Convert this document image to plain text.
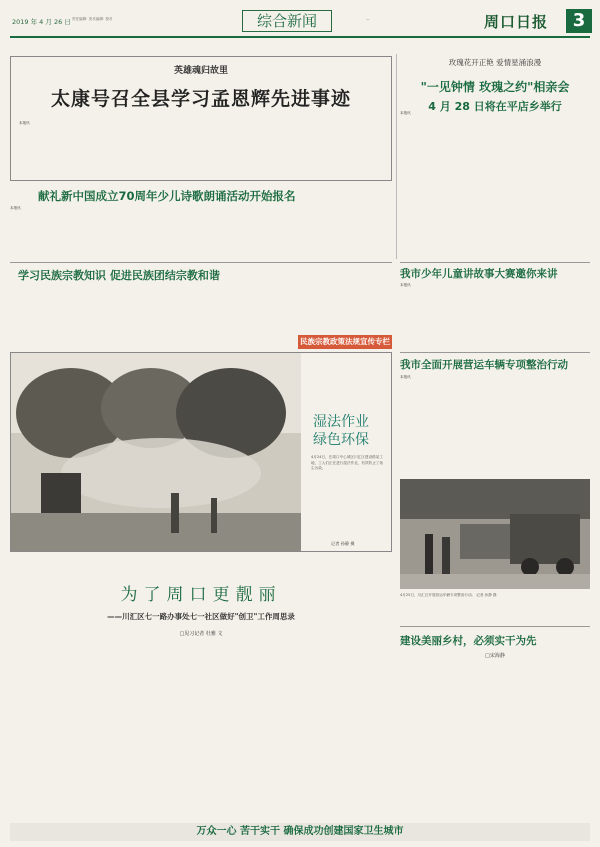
2019 年 4 月 26 日 责任编辑· 美术编辑· 校对	综合新闻	—	周口日报	3
英雄魂归故里
太康号召全县学习孟恩辉先进事迹
本报讯
玫瑰花开正艳 爱情星涌浪漫
"一见钟情 玫瑰之约"相亲会
4 月 28 日将在平店乡举行
本报讯
献礼新中国成立70周年少儿诗歌朗诵活动开始报名
本报讯
学习民族宗教知识 促进民族团结宗教和谐
民族宗教政策法规宣传专栏
我市少年儿童讲故事大赛邀你来讲
本报讯
湿法作业
绿色环保
4月24日，在周口中心城区川汇区建设路某工地，工人们正在进行湿法作业，有效防止了扬尘污染。
记者 孙静 摄
我市全面开展营运车辆专项整治行动
本报讯
4月25日，川汇区开展营运车辆专项整治行动。 记者 孙静 摄
为了周口更靓丽
——川汇区七一路办事处七一社区做好"创卫"工作周思录
□见习记者 杜雅 文
建设美丽乡村，必须实干为先
□宋海静
万众一心 苦干实干 确保成功创建国家卫生城市
